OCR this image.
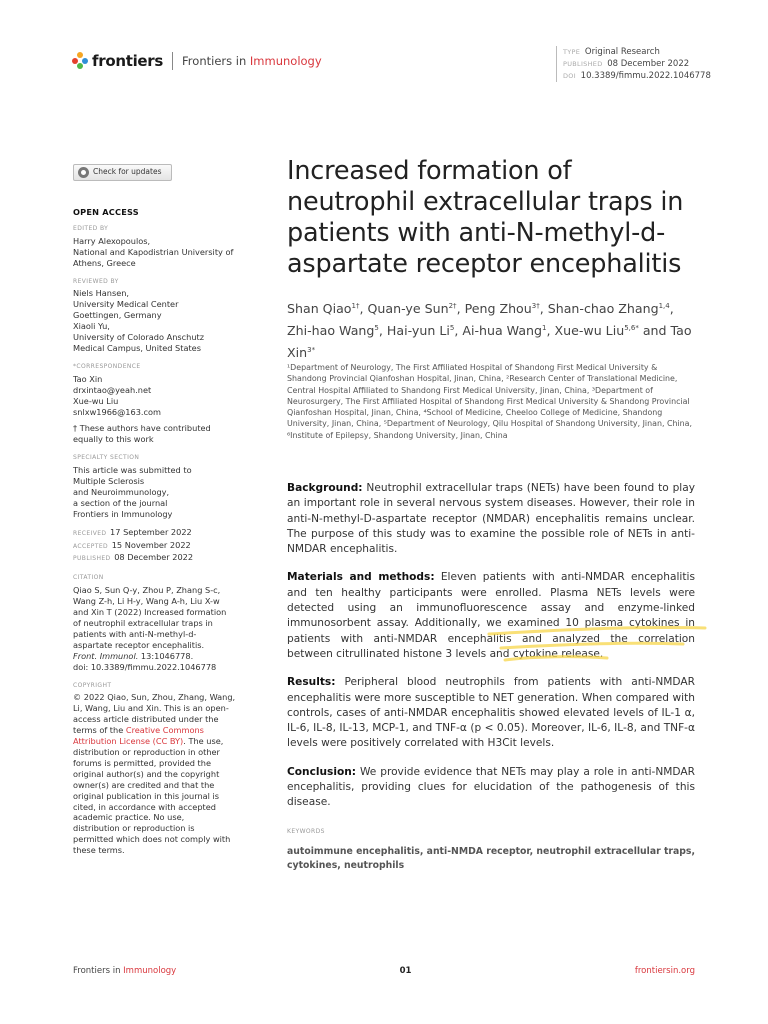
frontiers Frontiers in Immunology
TYPE Original Research
PUBLISHED 08 December 2022
DOI 10.3389/fimmu.2022.1046778
Check for updates
OPEN ACCESS
EDITED BY
Harry Alexopoulos,
National and Kapodistrian University of
Athens, Greece
REVIEWED BY
Niels Hansen,
University Medical Center
Goettingen, Germany
Xiaoli Yu,
University of Colorado Anschutz
Medical Campus, United States
*CORRESPONDENCE
Tao Xin
drxintao@yeah.net
Xue-wu Liu
snlxw1966@163.com
† These authors have contributed
equally to this work
SPECIALTY SECTION
This article was submitted to
Multiple Sclerosis
and Neuroimmunology,
a section of the journal
Frontiers in Immunology
RECEIVED 17 September 2022
ACCEPTED 15 November 2022
PUBLISHED 08 December 2022
CITATION
Qiao S, Sun Q-y, Zhou P, Zhang S-c,
Wang Z-h, Li H-y, Wang A-h, Liu X-w
and Xin T (2022) Increased formation
of neutrophil extracellular traps in
patients with anti-N-methyl-d-
aspartate receptor encephalitis.
Front. Immunol. 13:1046778.
doi: 10.3389/fimmu.2022.1046778
COPYRIGHT
© 2022 Qiao, Sun, Zhou, Zhang, Wang,
Li, Wang, Liu and Xin. This is an open-
access article distributed under the
terms of the Creative Commons
Attribution License (CC BY). The use,
distribution or reproduction in other
forums is permitted, provided the
original author(s) and the copyright
owner(s) are credited and that the
original publication in this journal is
cited, in accordance with accepted
academic practice. No use,
distribution or reproduction is
permitted which does not comply with
these terms.
Increased formation of neutrophil extracellular traps in patients with anti-N-methyl-d-aspartate receptor encephalitis
Shan Qiao$^{1\dagger}$, Quan-ye Sun$^{2\dagger}$, Peng Zhou$^{3\dagger}$, Shan-chao Zhang$^{1,4}$, Zhi-hao Wang$^5$, Hai-yun Li$^5$, Ai-hua Wang$^1$, Xue-wu Liu$^{5,6*}$ and Tao Xin$^{3*}$
¹Department of Neurology, The First Affiliated Hospital of Shandong First Medical University & Shandong Provincial Qianfoshan Hospital, Jinan, China, ²Research Center of Translational Medicine, Central Hospital Affiliated to Shandong First Medical University, Jinan, China, ³Department of Neurosurgery, The First Affiliated Hospital of Shandong First Medical University & Shandong Provincial Qianfoshan Hospital, Jinan, China, ⁴School of Medicine, Cheeloo College of Medicine, Shandong University, Jinan, China, ⁵Department of Neurology, Qilu Hospital of Shandong University, Jinan, China, ⁶Institute of Epilepsy, Shandong University, Jinan, China

Background: Neutrophil extracellular traps (NETs) have been found to play an important role in several nervous system diseases. However, their role in anti-N-methyl-D-aspartate receptor (NMDAR) encephalitis remains unclear. The purpose of this study was to examine the possible role of NETs in anti-NMDAR encephalitis.

Materials and methods: Eleven patients with anti-NMDAR encephalitis and ten healthy participants were enrolled. Plasma NETs levels were detected using an immunofluorescence assay and enzyme-linked immunosorbent assay. Additionally, we examined 10 plasma cytokines in patients with anti-NMDAR encephalitis and analyzed the correlation between citrullinated histone 3 levels and cytokine release.

Results: Peripheral blood neutrophils from patients with anti-NMDAR encephalitis were more susceptible to NET generation. When compared with controls, cases of anti-NMDAR encephalitis showed elevated levels of IL-1 α, IL-6, IL-8, IL-13, MCP-1, and TNF-α (p < 0.05). Moreover, IL-6, IL-8, and TNF-α levels were positively correlated with H3Cit levels.

Conclusion: We provide evidence that NETs may play a role in anti-NMDAR encephalitis, providing clues for elucidation of the pathogenesis of this disease.

KEYWORDS
autoimmune encephalitis, anti-NMDA receptor, neutrophil extracellular traps, cytokines, neutrophils
Frontiers in Immunology	01	frontiersin.org
